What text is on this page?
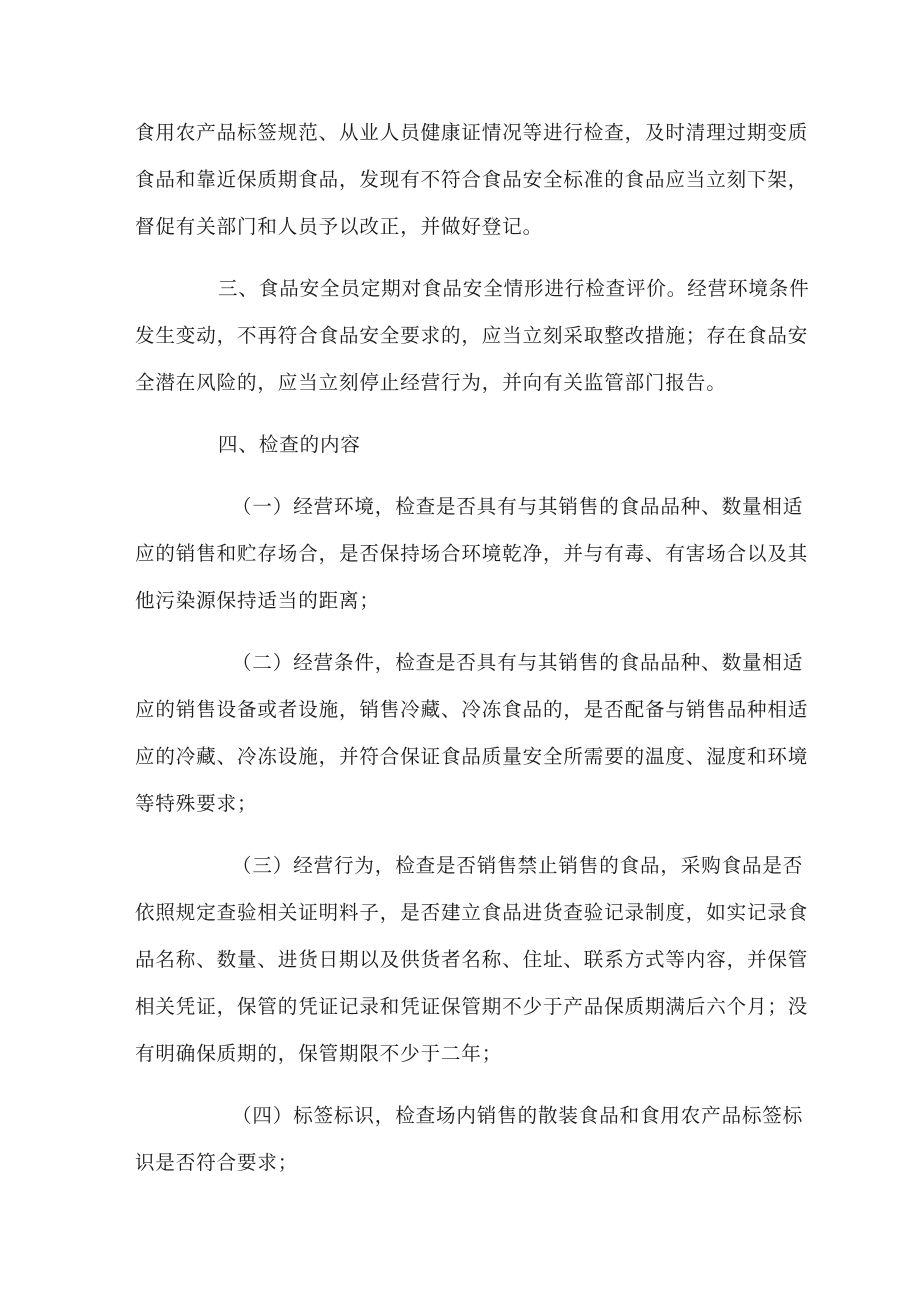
食用农产品标签规范、从业人员健康证情况等进行检查，及时清理过期变质

食品和靠近保质期食品，发现有不符合食品安全标准的食品应当立刻下架，

督促有关部门和人员予以改正，并做好登记。

三、食品安全员定期对食品安全情形进行检查评价。经营环境条件

发生变动，不再符合食品安全要求的，应当立刻采取整改措施；存在食品安

全潜在风险的，应当立刻停止经营行为，并向有关监管部门报告。

四、检查的内容

（一）经营环境，检查是否具有与其销售的食品品种、数量相适

应的销售和贮存场合，是否保持场合环境乾净，并与有毒、有害场合以及其

他污染源保持适当的距离；

（二）经营条件，检查是否具有与其销售的食品品种、数量相适

应的销售设备或者设施，销售冷藏、冷冻食品的，是否配备与销售品种相适

应的冷藏、冷冻设施，并符合保证食品质量安全所需要的温度、湿度和环境

等特殊要求；

（三）经营行为，检查是否销售禁止销售的食品，采购食品是否

依照规定查验相关证明料子，是否建立食品进货查验记录制度，如实记录食

品名称、数量、进货日期以及供货者名称、住址、联系方式等内容，并保管

相关凭证，保管的凭证记录和凭证保管期不少于产品保质期满后六个月；没

有明确保质期的，保管期限不少于二年；

（四）标签标识，检查场内销售的散装食品和食用农产品标签标

识是否符合要求；
